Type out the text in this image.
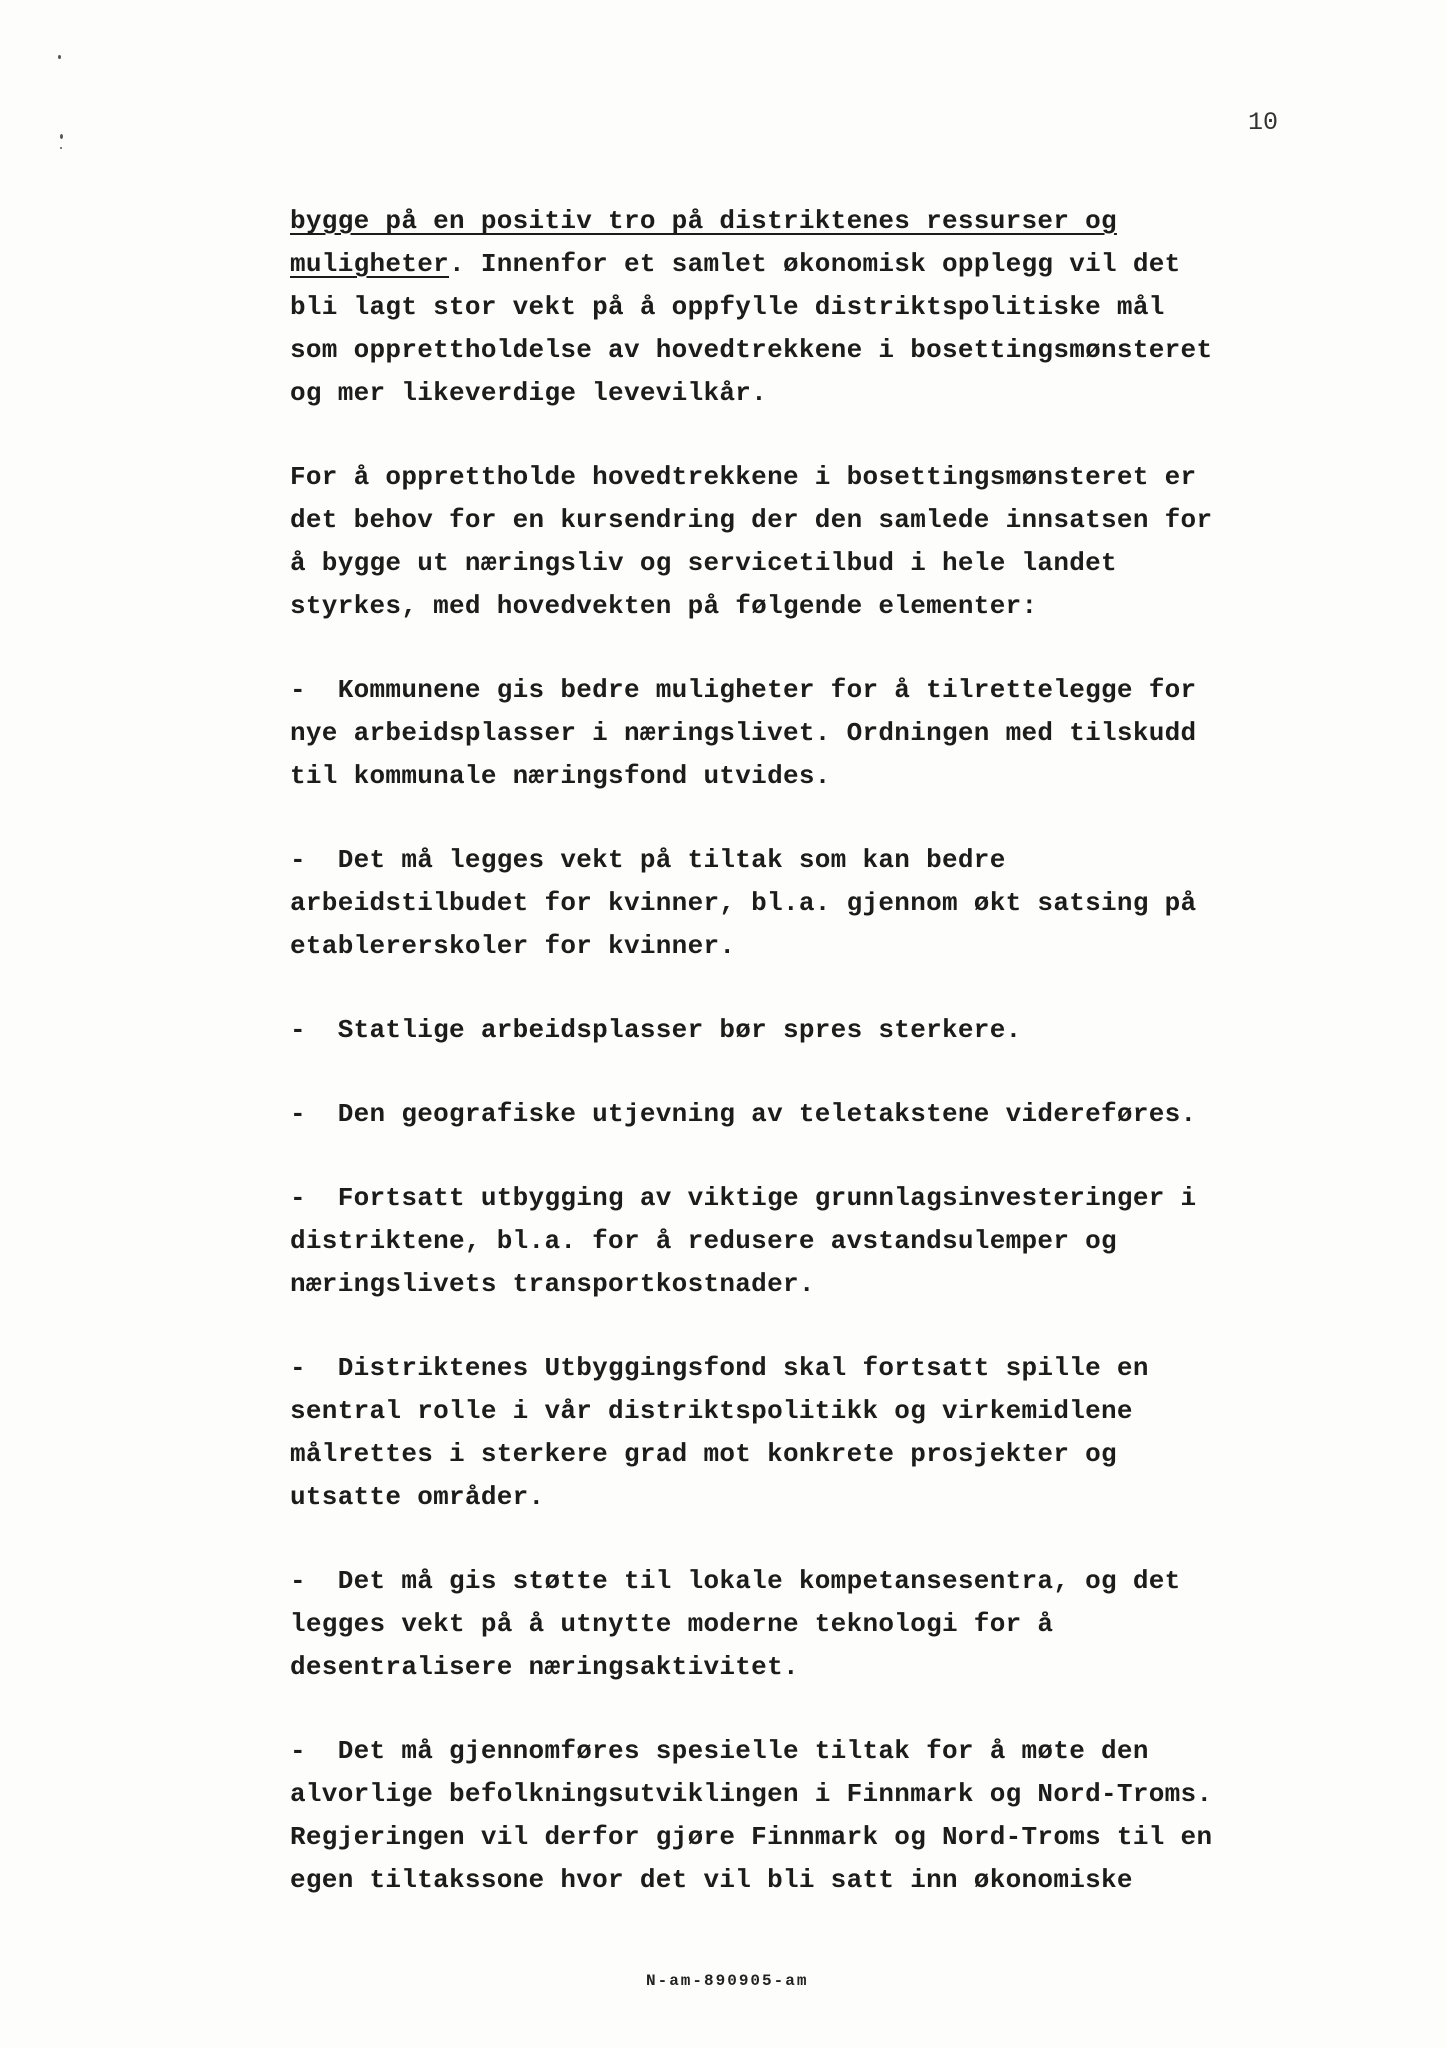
10
bygge på en positiv tro på distriktenes ressurser og
muligheter. Innenfor et samlet økonomisk opplegg vil det
bli lagt stor vekt på å oppfylle distriktspolitiske mål
som opprettholdelse av hovedtrekkene i bosettingsmønsteret
og mer likeverdige levevilkår.
For å opprettholde hovedtrekkene i bosettingsmønsteret er
det behov for en kursendring der den samlede innsatsen for
å bygge ut næringsliv og servicetilbud i hele landet
styrkes, med hovedvekten på følgende elementer:
-  Kommunene gis bedre muligheter for å tilrettelegge for
nye arbeidsplasser i næringslivet. Ordningen med tilskudd
til kommunale næringsfond utvides.
-  Det må legges vekt på tiltak som kan bedre
arbeidstilbudet for kvinner, bl.a. gjennom økt satsing på
etablererskoler for kvinner.
-  Statlige arbeidsplasser bør spres sterkere.
-  Den geografiske utjevning av teletakstene videreføres.
-  Fortsatt utbygging av viktige grunnlagsinvesteringer i
distriktene, bl.a. for å redusere avstandsulemper og
næringslivets transportkostnader.
-  Distriktenes Utbyggingsfond skal fortsatt spille en
sentral rolle i vår distriktspolitikk og virkemidlene
målrettes i sterkere grad mot konkrete prosjekter og
utsatte områder.
-  Det må gis støtte til lokale kompetansesentra, og det
legges vekt på å utnytte moderne teknologi for å
desentralisere næringsaktivitet.
-  Det må gjennomføres spesielle tiltak for å møte den
alvorlige befolkningsutviklingen i Finnmark og Nord-Troms.
Regjeringen vil derfor gjøre Finnmark og Nord-Troms til en
egen tiltakssone hvor det vil bli satt inn økonomiske
N-am-890905-am
